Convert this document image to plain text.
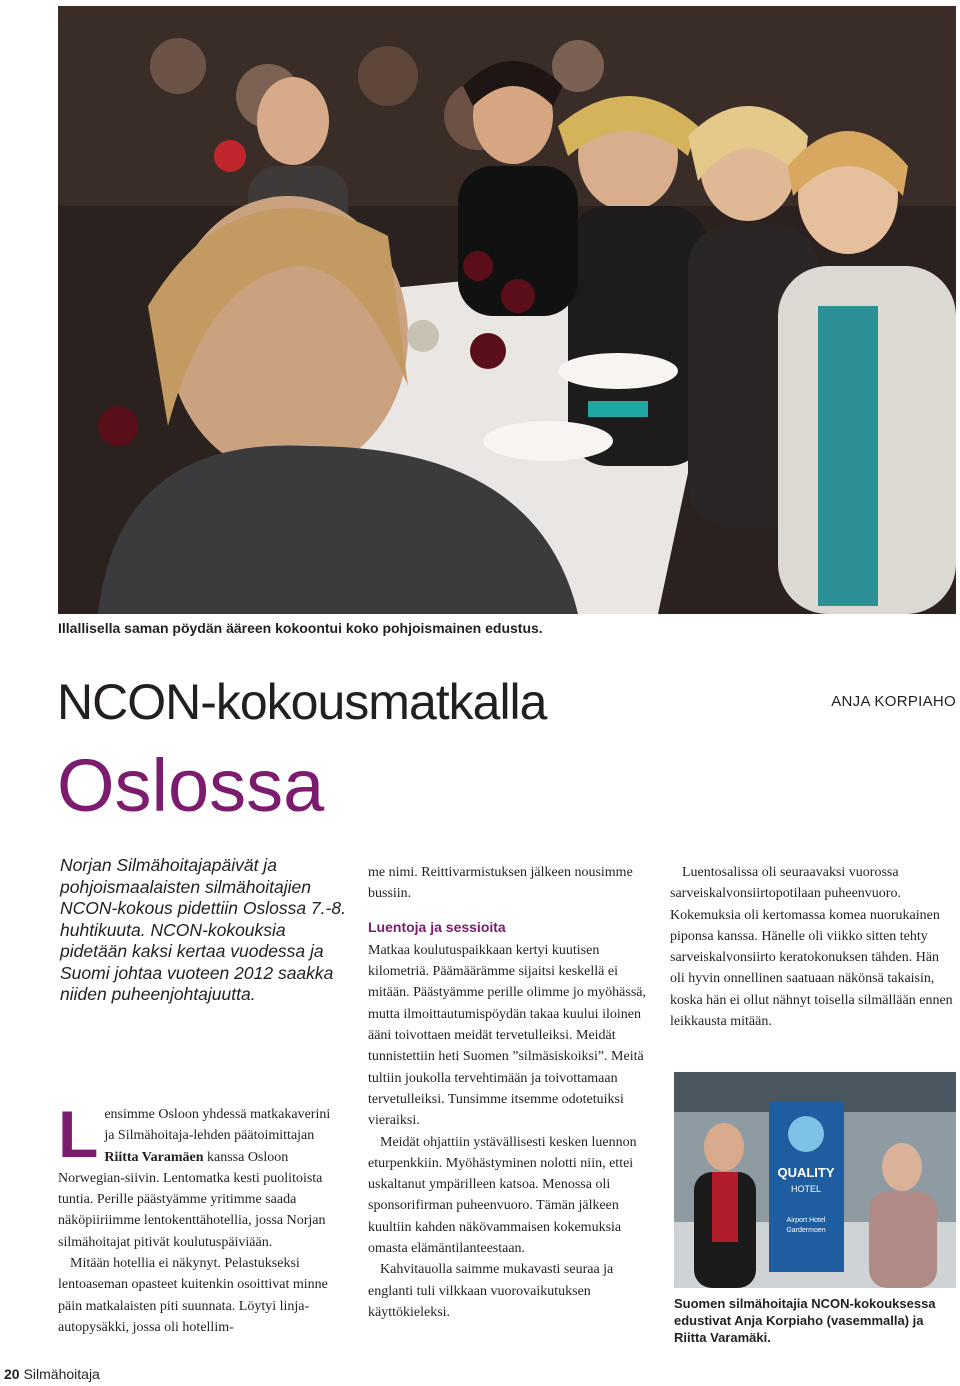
Illallisella saman pöydän ääreen kokoontui koko pohjoismainen edustus.
NCON-kokousmatkalla
Oslossa
ANJA KORPIAHO
Norjan Silmähoitajapäivät ja pohjoismaalaisten silmähoitajien NCON-kokous pidettiin Oslossa 7.-8. huhtikuuta. NCON-kokouksia pidetään kaksi kertaa vuodessa ja Suomi johtaa vuoteen 2012 saakka niiden puheenjohtajuutta.

Lensimme Osloon yhdessä matkakaverini ja Silmähoitaja-lehden päätoimittajan Riitta Varamäen kanssa Osloon Norwegian-siivin. Lentomatka kesti puolitoista tuntia. Perille päästyämme yritimme saada näköpiiriimme lentokenttähotellia, jossa Norjan silmähoitajat pitivät koulutuspäiviään.

Mitään hotellia ei näkynyt. Pelastukseksi lentoaseman opasteet kuitenkin osoittivat minne päin matkalaisten piti suunnata. Löytyi linja-autopysäkki, jossa oli hotellim-

me nimi. Reittivarmistuksen jälkeen nousimme bussiin.

Luentoja ja sessioita

Matkaa koulutuspaikkaan kertyi kuutisen kilometriä. Päämäärämme sijaitsi keskellä ei mitään. Päästyämme perille olimme jo myöhässä, mutta ilmoittautumispöydän takaa kuului iloinen ääni toivottaen meidät tervetulleiksi. Meidät tunnistettiin heti Suomen ”silmäsiskoiksi”. Meitä tultiin joukolla tervehtimään ja toivottamaan tervetulleiksi. Tunsimme itsemme odotetuiksi vieraiksi.

Meidät ohjattiin ystävällisesti kesken luennon eturpenkkiin. Myöhästyminen nolotti niin, ettei uskaltanut ympärilleen katsoa. Menossa oli sponsorifirman puheenvuoro. Tämän jälkeen kuultiin kahden näkövammaisen kokemuksia omasta elämäntilanteestaan.

Kahvitauolla saimme mukavasti seuraa ja englanti tuli vilkkaan vuorovaikutuksen käyttökieleksi.

Luentosalissa oli seuraavaksi vuorossa sarveiskalvonsiirtopotilaan puheenvuoro. Kokemuksia oli kertomassa komea nuorukainen piponsa kanssa. Hänelle oli viikko sitten tehty sarveiskalvonsiirto keratokonuksen tähden. Hän oli hyvin onnellinen saatuaan näkönsä takaisin, koska hän ei ollut nähnyt toisella silmällään ennen leikkausta mitään.

QUALITY
HOTEL
Airport Hotel
Gardermoen
Suomen silmähoitajia NCON-kokouksessa edustivat Anja Korpiaho (vasemmalla) ja Riitta Varamäki.
20 Silmähoitaja
